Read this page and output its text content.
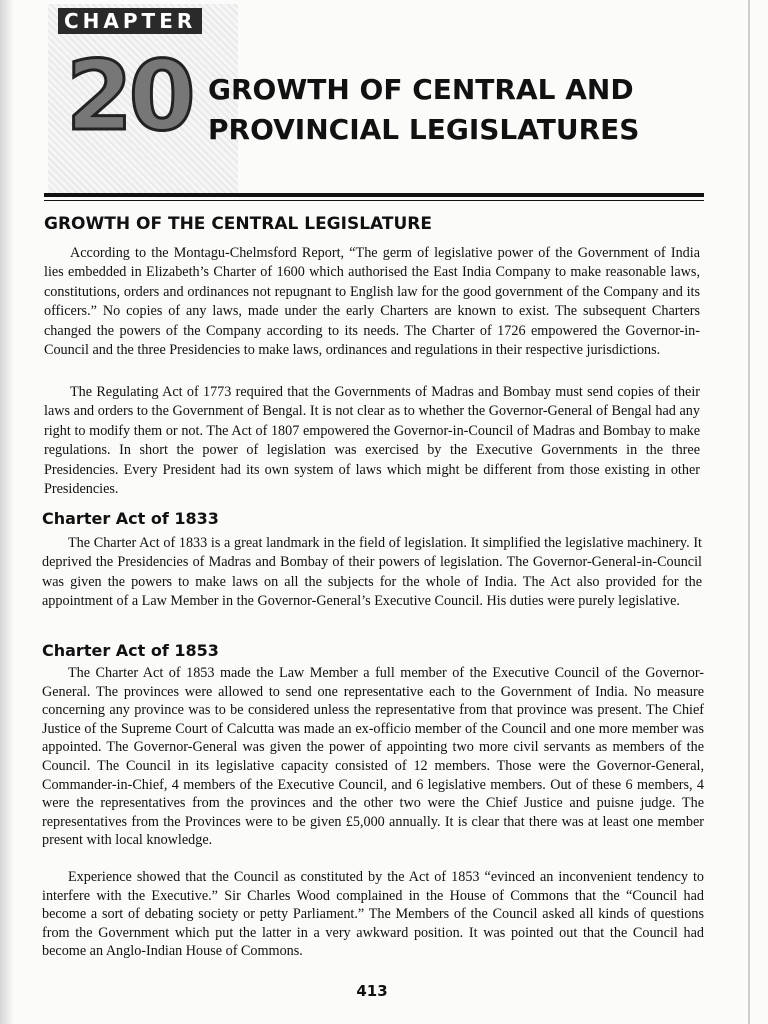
CHAPTER
20 GROWTH OF CENTRAL AND
PROVINCIAL LEGISLATURES
GROWTH OF THE CENTRAL LEGISLATURE

According to the Montagu-Chelmsford Report, “The germ of legislative power of the Government of India lies embedded in Elizabeth’s Charter of 1600 which authorised the East India Company to make reasonable laws, constitutions, orders and ordinances not repugnant to English law for the good government of the Company and its officers.” No copies of any laws, made under the early Charters are known to exist. The subsequent Charters changed the powers of the Company according to its needs. The Charter of 1726 empowered the Governor-in-Council and the three Presidencies to make laws, ordinances and regulations in their respective jurisdictions.

The Regulating Act of 1773 required that the Governments of Madras and Bombay must send copies of their laws and orders to the Government of Bengal. It is not clear as to whether the Governor-General of Bengal had any right to modify them or not. The Act of 1807 empowered the Governor-in-Council of Madras and Bombay to make regulations. In short the power of legislation was exercised by the Executive Governments in the three Presidencies. Every President had its own system of laws which might be different from those existing in other Presidencies.

Charter Act of 1833

The Charter Act of 1833 is a great landmark in the field of legislation. It simplified the legislative machinery. It deprived the Presidencies of Madras and Bombay of their powers of legislation. The Governor-General-in-Council was given the powers to make laws on all the subjects for the whole of India. The Act also provided for the appointment of a Law Member in the Governor-General’s Executive Council. His duties were purely legislative.

Charter Act of 1853

The Charter Act of 1853 made the Law Member a full member of the Executive Council of the Governor-General. The provinces were allowed to send one representative each to the Government of India. No measure concerning any province was to be considered unless the representative from that province was present. The Chief Justice of the Supreme Court of Calcutta was made an ex-officio member of the Council and one more member was appointed. The Governor-General was given the power of appointing two more civil servants as members of the Council. The Council in its legislative capacity consisted of 12 members. Those were the Governor-General, Commander-in-Chief, 4 members of the Executive Council, and 6 legislative members. Out of these 6 members, 4 were the representatives from the provinces and the other two were the Chief Justice and puisne judge. The representatives from the Provinces were to be given £5,000 annually. It is clear that there was at least one member present with local knowledge.

Experience showed that the Council as constituted by the Act of 1853 “evinced an inconvenient tendency to interfere with the Executive.” Sir Charles Wood complained in the House of Commons that the “Council had become a sort of debating society or petty Parliament.” The Members of the Council asked all kinds of questions from the Government which put the latter in a very awkward position. It was pointed out that the Council had become an Anglo-Indian House of Commons.

413
